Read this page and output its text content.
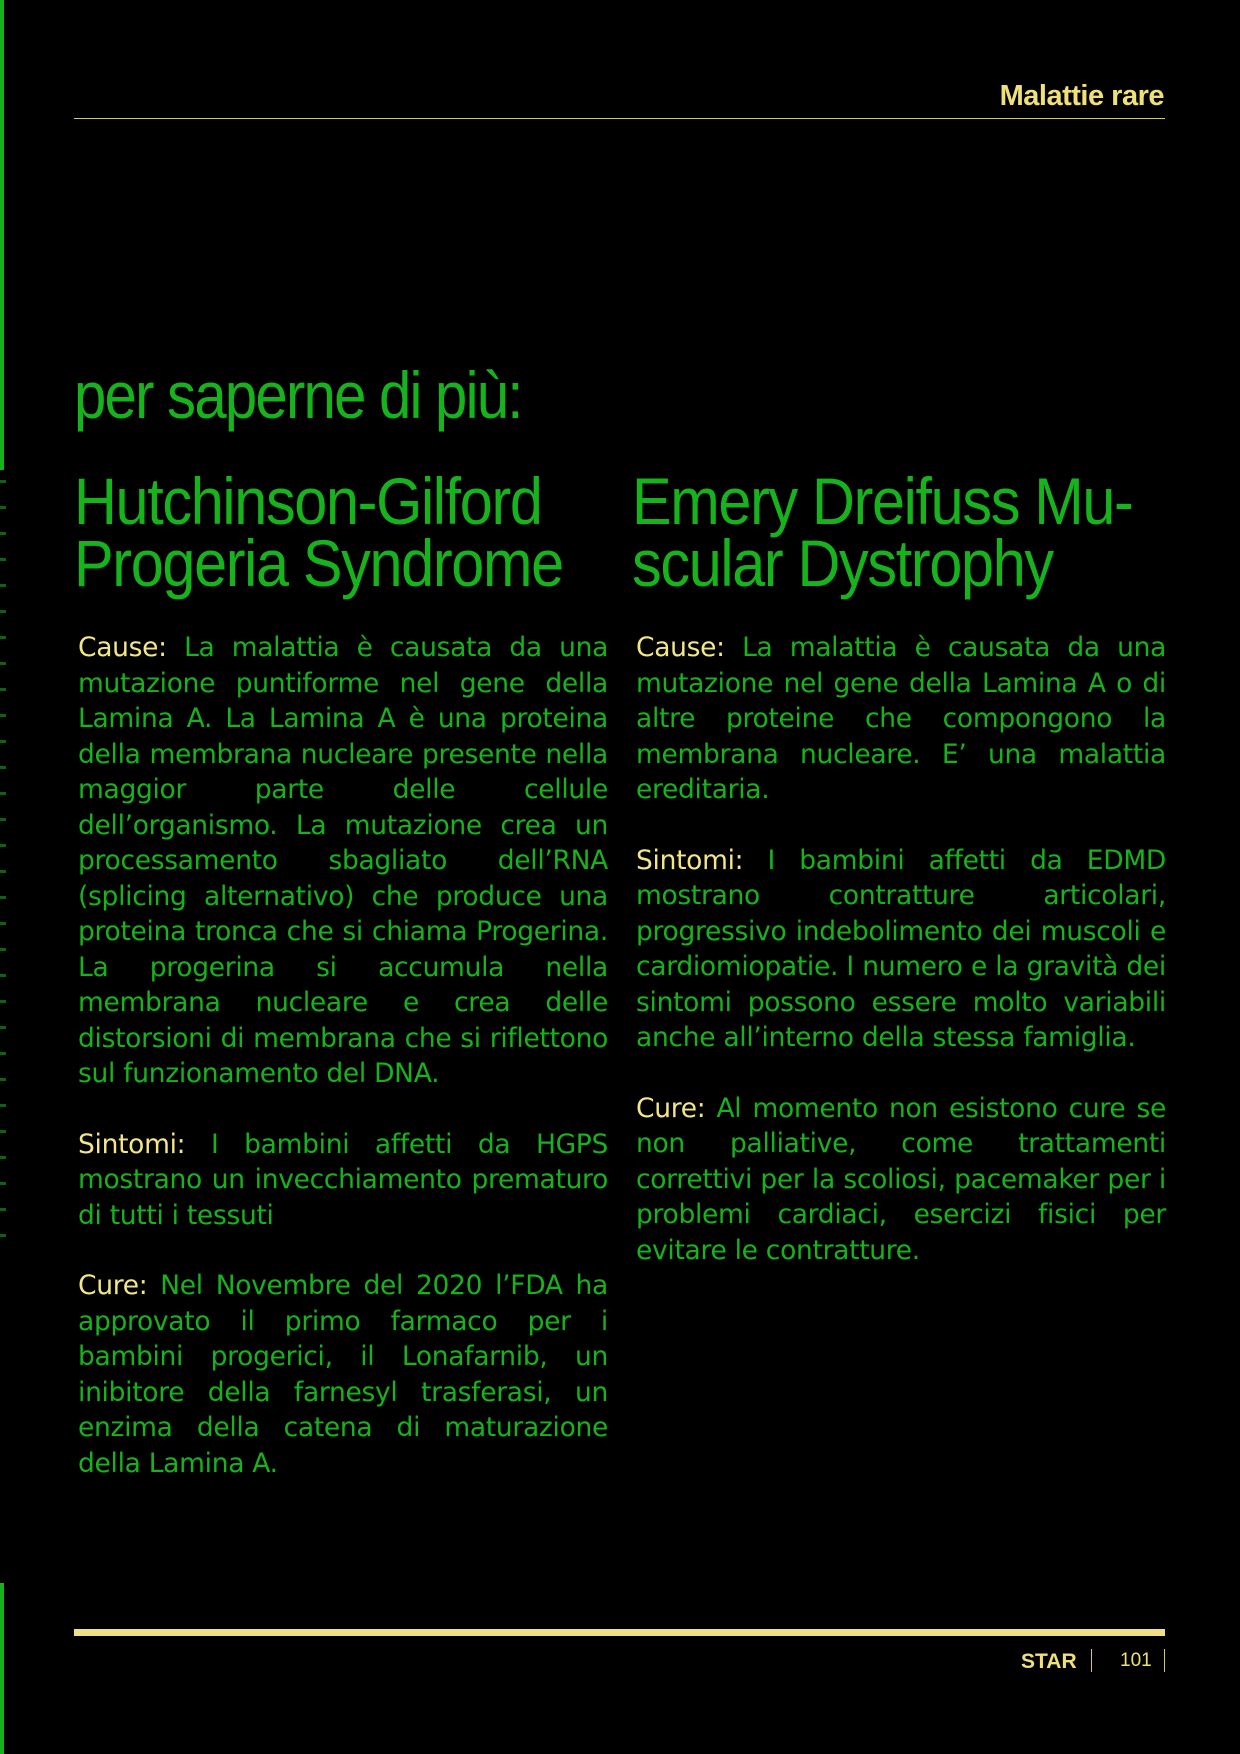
Malattie rare
per saperne di più:
Hutchinson-Gilford
Progeria Syndrome

Cause: La malattia è causata da una mutazione puntiforme nel gene della Lamina A. La Lamina A è una proteina della membrana nucleare presente nella maggior parte delle cellule dell’organismo. La mutazione crea un processamento sbagliato dell’RNA (splicing alternativo) che produce una proteina tronca che si chiama Progerina. La progerina si accumula nella membrana nucleare e crea delle distorsioni di membrana che si riflettono sul funzionamento del DNA.

Sintomi: I bambini affetti da HGPS mostrano un invecchiamento prematuro di tutti i tessuti

Cure: Nel Novembre del 2020 l’FDA ha approvato il primo farmaco per i bambini progerici, il Lonafarnib, un inibitore della farnesyl trasferasi, un enzima della catena di maturazione della Lamina A.

Emery Dreifuss Mu-
scular Dystrophy

Cause: La malattia è causata da una mutazione nel gene della Lamina A o di altre proteine che compongono la membrana nucleare. E’ una malattia ereditaria.

Sintomi: I bambini affetti da EDMD mostrano contratture articolari, progressivo indebolimento dei muscoli e cardiomiopatie. I numero e la gravità dei sintomi possono essere molto variabili anche all’interno della stessa famiglia.

Cure: Al momento non esistono cure se non palliative, come trattamenti correttivi per la scoliosi, pacemaker per i problemi cardiaci, esercizi fisici per evitare le contratture.

STAR 101
